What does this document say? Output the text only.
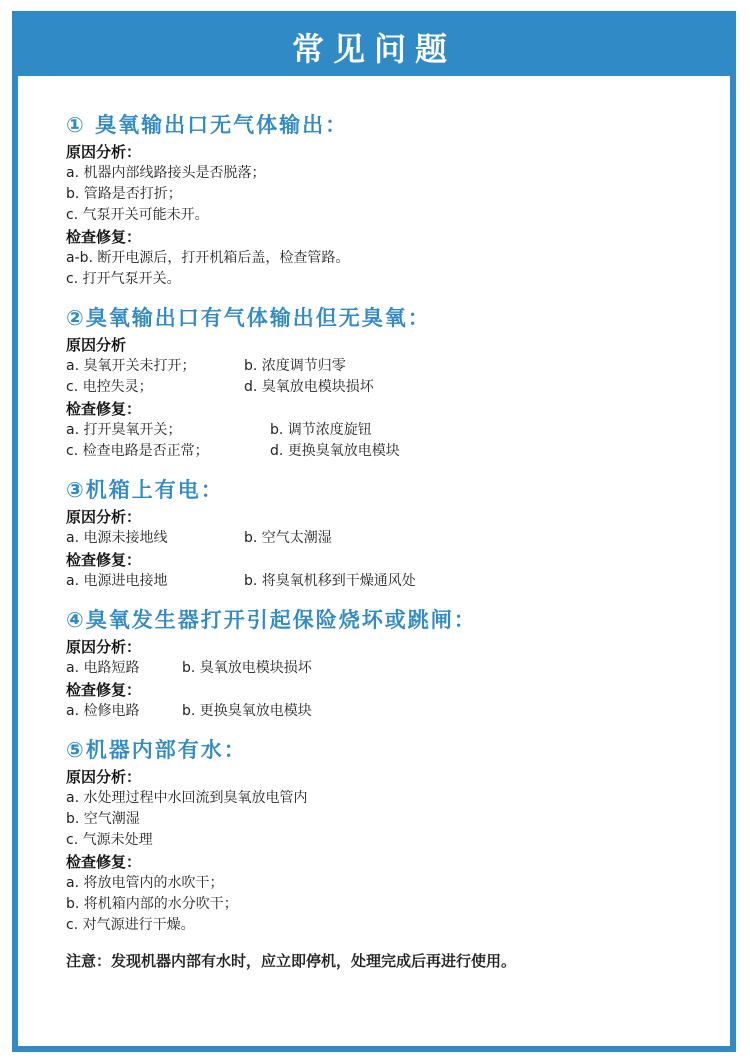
常见问题
① 臭氧输出口无气体输出：
原因分析：
a. 机器内部线路接头是否脱落；
b. 管路是否打折；
c. 气泵开关可能未开。
检查修复：
a-b. 断开电源后，打开机箱后盖，检查管路。
c. 打开气泵开关。
②臭氧输出口有气体输出但无臭氧：
原因分析
a. 臭氧开关未打开；	b. 浓度调节归零
c. 电控失灵；	d. 臭氧放电模块损坏
检查修复：
a. 打开臭氧开关；	b. 调节浓度旋钮
c. 检查电路是否正常；	d. 更换臭氧放电模块
③机箱上有电：
原因分析：
a. 电源未接地线	b. 空气太潮湿
检查修复：
a. 电源进电接地	b. 将臭氧机移到干燥通风处
④臭氧发生器打开引起保险烧坏或跳闸：
原因分析：
a. 电路短路	b. 臭氧放电模块损坏
检查修复：
a. 检修电路	b. 更换臭氧放电模块
⑤机器内部有水：
原因分析：
a. 水处理过程中水回流到臭氧放电管内
b. 空气潮湿
c. 气源未处理
检查修复：
a. 将放电管内的水吹干；
b. 将机箱内部的水分吹干；
c. 对气源进行干燥。
注意：发现机器内部有水时，应立即停机，处理完成后再进行使用。
